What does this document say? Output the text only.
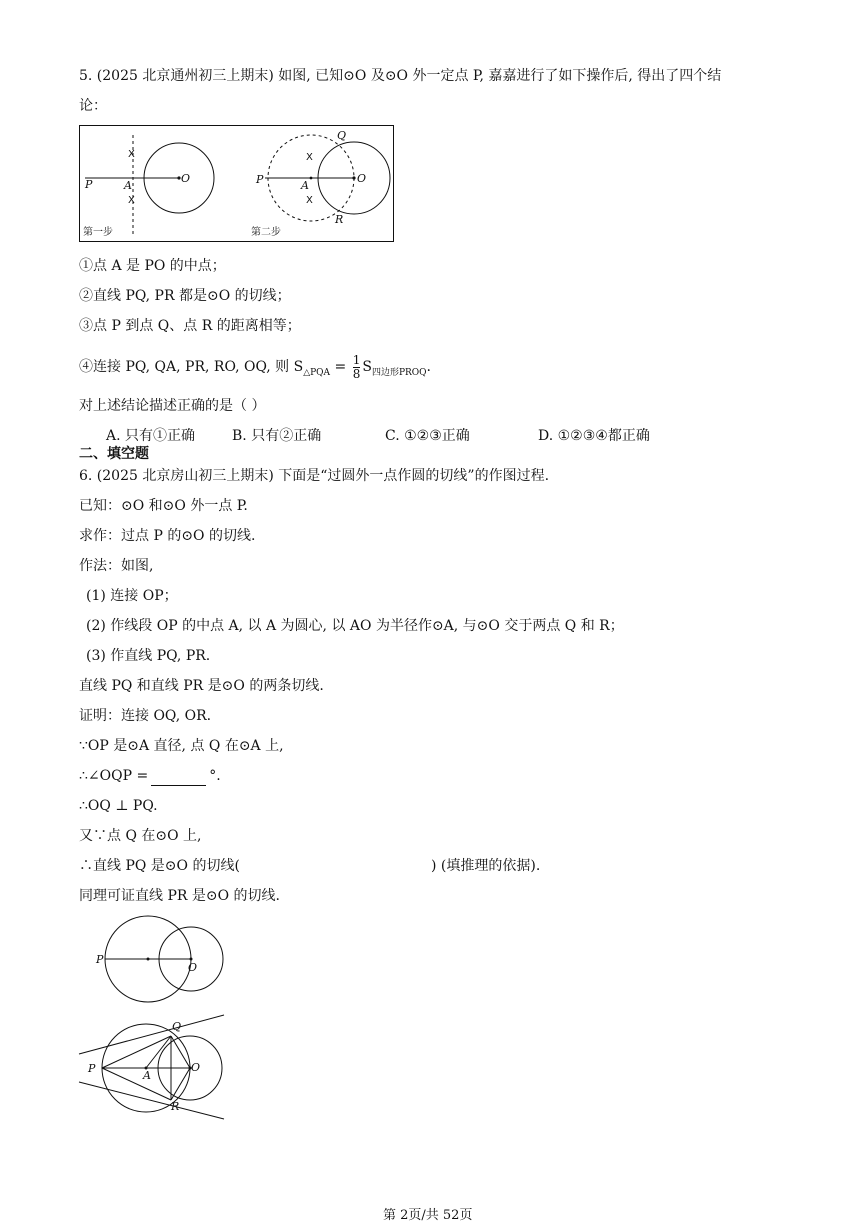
5. (2025 北京通州初三上期末) 如图, 已知⊙O 及⊙O 外一定点 P, 嘉嘉进行了如下操作后, 得出了四个结
论：
X
X
P	A
O
第一步
X
X
P	A
O
Q
R
第二步
①点 A 是 PO 的中点；
②直线 PQ, PR 都是⊙O 的切线；
③点 P 到点 Q、点 R 的距离相等；
④连接 PQ, QA, PR, RO, OQ, 则 $S_{\triangle PQA} = \frac{1}{8} S_{四边形PROQ}$.
对上述结论描述正确的是（ ）
A. 只有①正确	B. 只有②正确	C. ①②③正确	D. ①②③④都正确
二、填空题
6. (2025 北京房山初三上期末) 下面是“过圆外一点作圆的切线”的作图过程.
已知：⊙O 和⊙O 外一点 P.
求作：过点 P 的⊙O 的切线.
作法：如图,
(1) 连接 OP；
(2) 作线段 OP 的中点 A, 以 A 为圆心, 以 AO 为半径作⊙A, 与⊙O 交于两点 Q 和 R；
(3) 作直线 PQ, PR.
直线 PQ 和直线 PR 是⊙O 的两条切线.
证明：连接 OQ, OR.
∵OP 是⊙A 直径, 点 Q 在⊙A 上,
∴∠OQP =	°.
∴OQ ⊥ PQ.
又∵点 Q 在⊙O 上,
∴直线 PQ 是⊙O 的切线(	) (填推理的依据).
同理可证直线 PR 是⊙O 的切线.
P
O
P
A
O
Q
R
第 2页/共 52页
